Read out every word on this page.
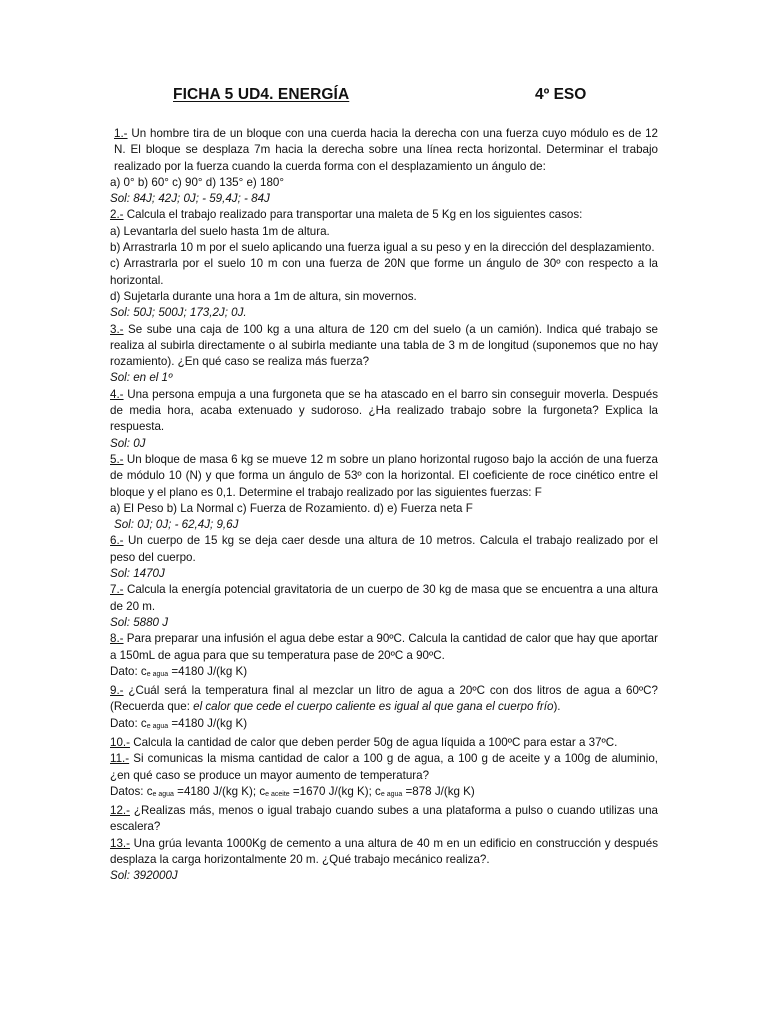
FICHA 5 UD4. ENERGÍA	4º ESO

1.- Un hombre tira de un bloque con una cuerda hacia la derecha con una fuerza cuyo módulo es de 12 N. El bloque se desplaza 7m hacia la derecha sobre una línea recta horizontal. Determinar el trabajo realizado por la fuerza cuando la cuerda forma con el desplazamiento un ángulo de:

a) 0° b) 60° c) 90° d) 135° e) 180°

Sol: 84J; 42J; 0J; - 59,4J; - 84J

2.- Calcula el trabajo realizado para transportar una maleta de 5 Kg en los siguientes casos:

a) Levantarla del suelo hasta 1m de altura.

b) Arrastrarla 10 m por el suelo aplicando una fuerza igual a su peso y en la dirección del desplazamiento.

c) Arrastrarla por el suelo 10 m con una fuerza de 20N que forme un ángulo de 30º con respecto a la horizontal.

d) Sujetarla durante una hora a 1m de altura, sin movernos.

Sol: 50J; 500J; 173,2J; 0J.

3.- Se sube una caja de 100 kg a una altura de 120 cm del suelo (a un camión). Indica qué trabajo se realiza al subirla directamente o al subirla mediante una tabla de 3 m de longitud (suponemos que no hay rozamiento). ¿En qué caso se realiza más fuerza?

Sol: en el 1º

4.- Una persona empuja a una furgoneta que se ha atascado en el barro sin conseguir moverla. Después de media hora, acaba extenuado y sudoroso. ¿Ha realizado trabajo sobre la furgoneta? Explica la respuesta.

Sol: 0J

5.- Un bloque de masa 6 kg se mueve 12 m sobre un plano horizontal rugoso bajo la acción de una fuerza de módulo 10 (N) y que forma un ángulo de 53º con la horizontal. El coeficiente de roce cinético entre el bloque y el plano es 0,1. Determine el trabajo realizado por las siguientes fuerzas: F

a) El Peso b) La Normal c) Fuerza de Rozamiento. d) e) Fuerza neta F

Sol: 0J; 0J; - 62,4J; 9,6J

6.- Un cuerpo de 15 kg se deja caer desde una altura de 10 metros. Calcula el trabajo realizado por el peso del cuerpo.

Sol: 1470J

7.- Calcula la energía potencial gravitatoria de un cuerpo de 30 kg de masa que se encuentra a una altura de 20 m.

Sol: 5880 J

8.- Para preparar una infusión el agua debe estar a 90ºC. Calcula la cantidad de calor que hay que aportar a 150mL de agua para que su temperatura pase de 20ºC a 90ºC.

Dato: ce agua =4180 J/(kg K)

9.- ¿Cuál será la temperatura final al mezclar un litro de agua a 20ºC con dos litros de agua a 60ºC? (Recuerda que: el calor que cede el cuerpo caliente es igual al que gana el cuerpo frío).

Dato: ce agua =4180 J/(kg K)

10.- Calcula la cantidad de calor que deben perder 50g de agua líquida a 100ºC para estar a 37ºC.

11.- Si comunicas la misma cantidad de calor a 100 g de agua, a 100 g de aceite y a 100g de aluminio, ¿en qué caso se produce un mayor aumento de temperatura?

Datos: ce agua =4180 J/(kg K); ce aceite =1670 J/(kg K); ce agua =878 J/(kg K)

12.- ¿Realizas más, menos o igual trabajo cuando subes a una plataforma a pulso o cuando utilizas una escalera?

13.- Una grúa levanta 1000Kg de cemento a una altura de 40 m en un edificio en construcción y después desplaza la carga horizontalmente 20 m. ¿Qué trabajo mecánico realiza?.

Sol: 392000J
